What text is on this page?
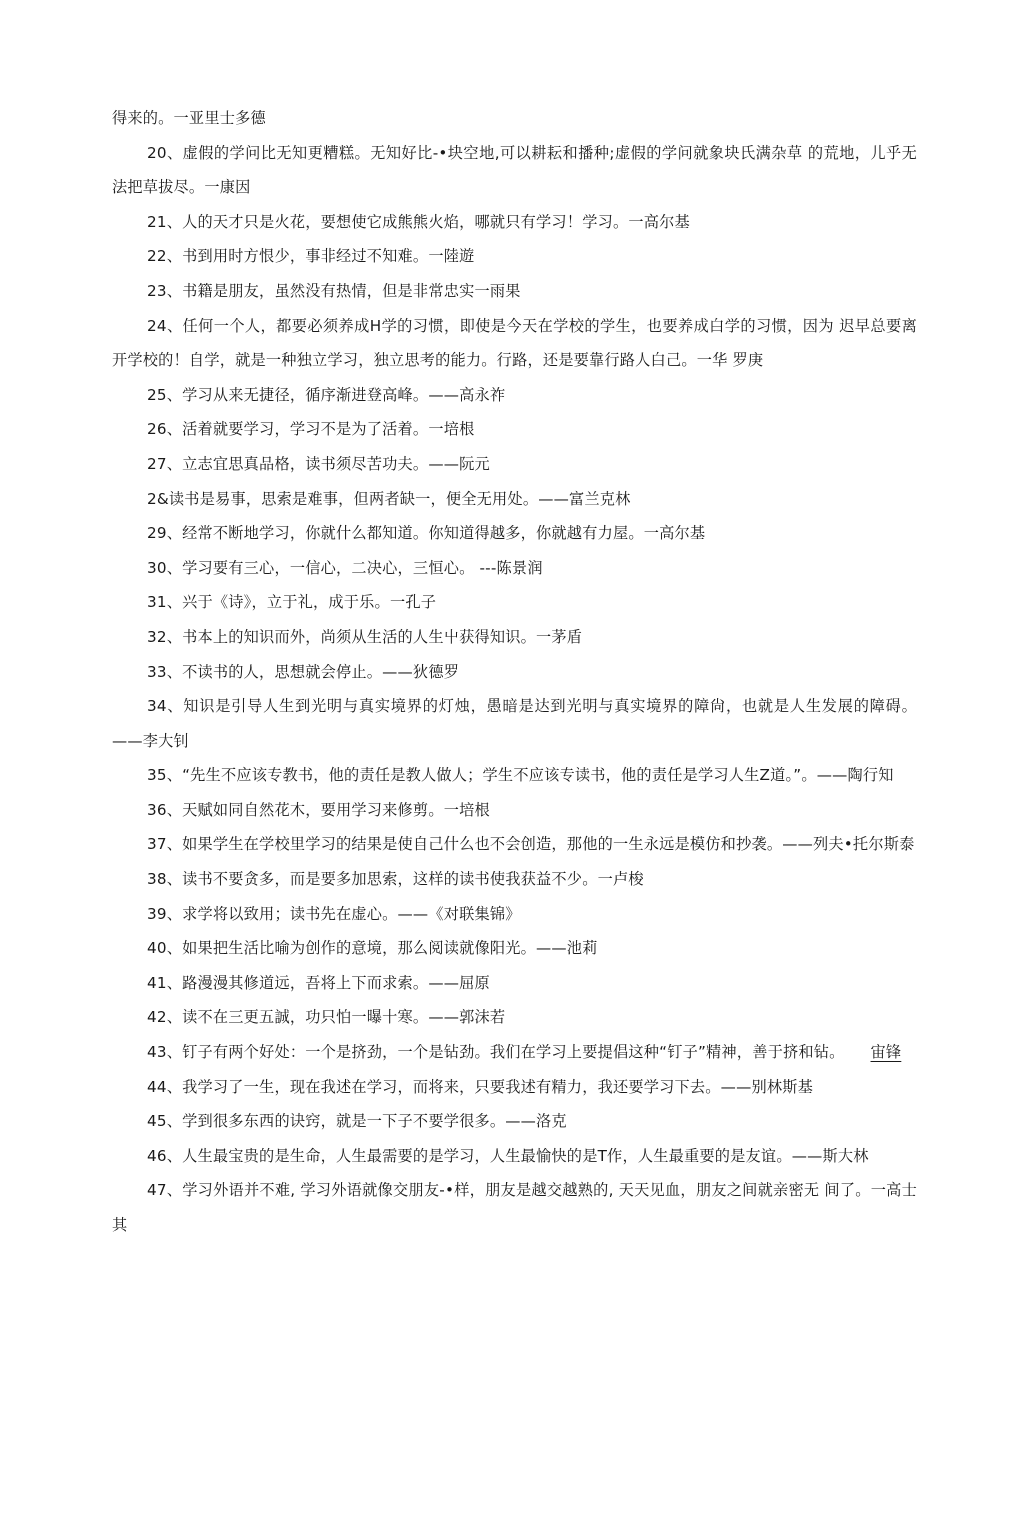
得来的。一亚里士多德

20、虚假的学问比无知更糟糕。无知好比-•块空地,可以耕耘和播种;虚假的学问就象块氏满杂草 的荒地，儿乎无法把草拔尽。一康因

21、人的天才只是火花，要想使它成熊熊火焰，哪就只有学习！学习。一高尔基

22、书到用时方恨少，事非经过不知难。一陸遊

23、书籍是朋友，虽然没有热情，但是非常忠实一雨果

24、任何一个人，都要必须养成H学的习惯，即使是今天在学校的学生，也要养成白学的习惯，因为 迟早总要离开学校的！自学，就是一种独立学习，独立思考的能力。行路，还是要靠行路人白己。一华 罗庚

25、学习从来无捷径，循序渐进登高峰。——高永祚

26、活着就要学习，学习不是为了活着。一培根

27、立志宜思真品格，读书须尽苦功夫。——阮元

2&读书是易事，思索是难事，但两者缺一，便全无用处。——富兰克林

29、经常不断地学习，你就什么都知道。你知道得越多，你就越有力屋。一高尔基

30、学习要有三心，一信心，二决心，三恒心。 ---陈景润

31、兴于《诗》，立于礼，成于乐。一孔子

32、书本上的知识而外，尚须从生活的人生屮获得知识。一茅盾

33、不读书的人，思想就会停止。——狄德罗

34、知识是引导人生到光明与真实境界的灯烛，愚暗是达到光明与真实境界的障尙，也就是人生发展的障碍。——李大钊

35、“先生不应该专教书，他的责任是教人做人；学生不应该专读书，他的责任是学习人生Z道。”。——陶行知

36、天赋如同自然花木，要用学习来修剪。一培根

37、如果学生在学校里学习的结果是使自己什么也不会创造，那他的一生永远是模仿和抄袭。——列夫•托尔斯泰

38、读书不要贪多，而是要多加思索，这样的读书使我获益不少。一卢梭

39、求学将以致用；读书先在虚心。——《对联集锦》

40、如果把生活比喻为创作的意境，那么阅读就像阳光。——池莉

41、路漫漫其修道远，吾将上下而求索。——屈原

42、读不在三更五誠，功只怕一曝十寒。——郭沫若

43、钉子有两个好处：一个是挤劲，一个是钻劲。我们在学习上要提倡这种“钉子”精神，善于挤和钻。 宙锋

44、我学习了一生，现在我述在学习，而将来，只要我述有精力，我还要学习下去。——别林斯基

45、学到很多东西的诀窍，就是一下子不要学很多。——洛克

46、人生最宝贵的是生命，人生最需要的是学习，人生最愉快的是T作，人生最重要的是友谊。——斯大林

47、学习外语并不难, 学习外语就像交朋友-•样，朋友是越交越熟的, 天天见血，朋友之间就亲密无 间了。一高士其
